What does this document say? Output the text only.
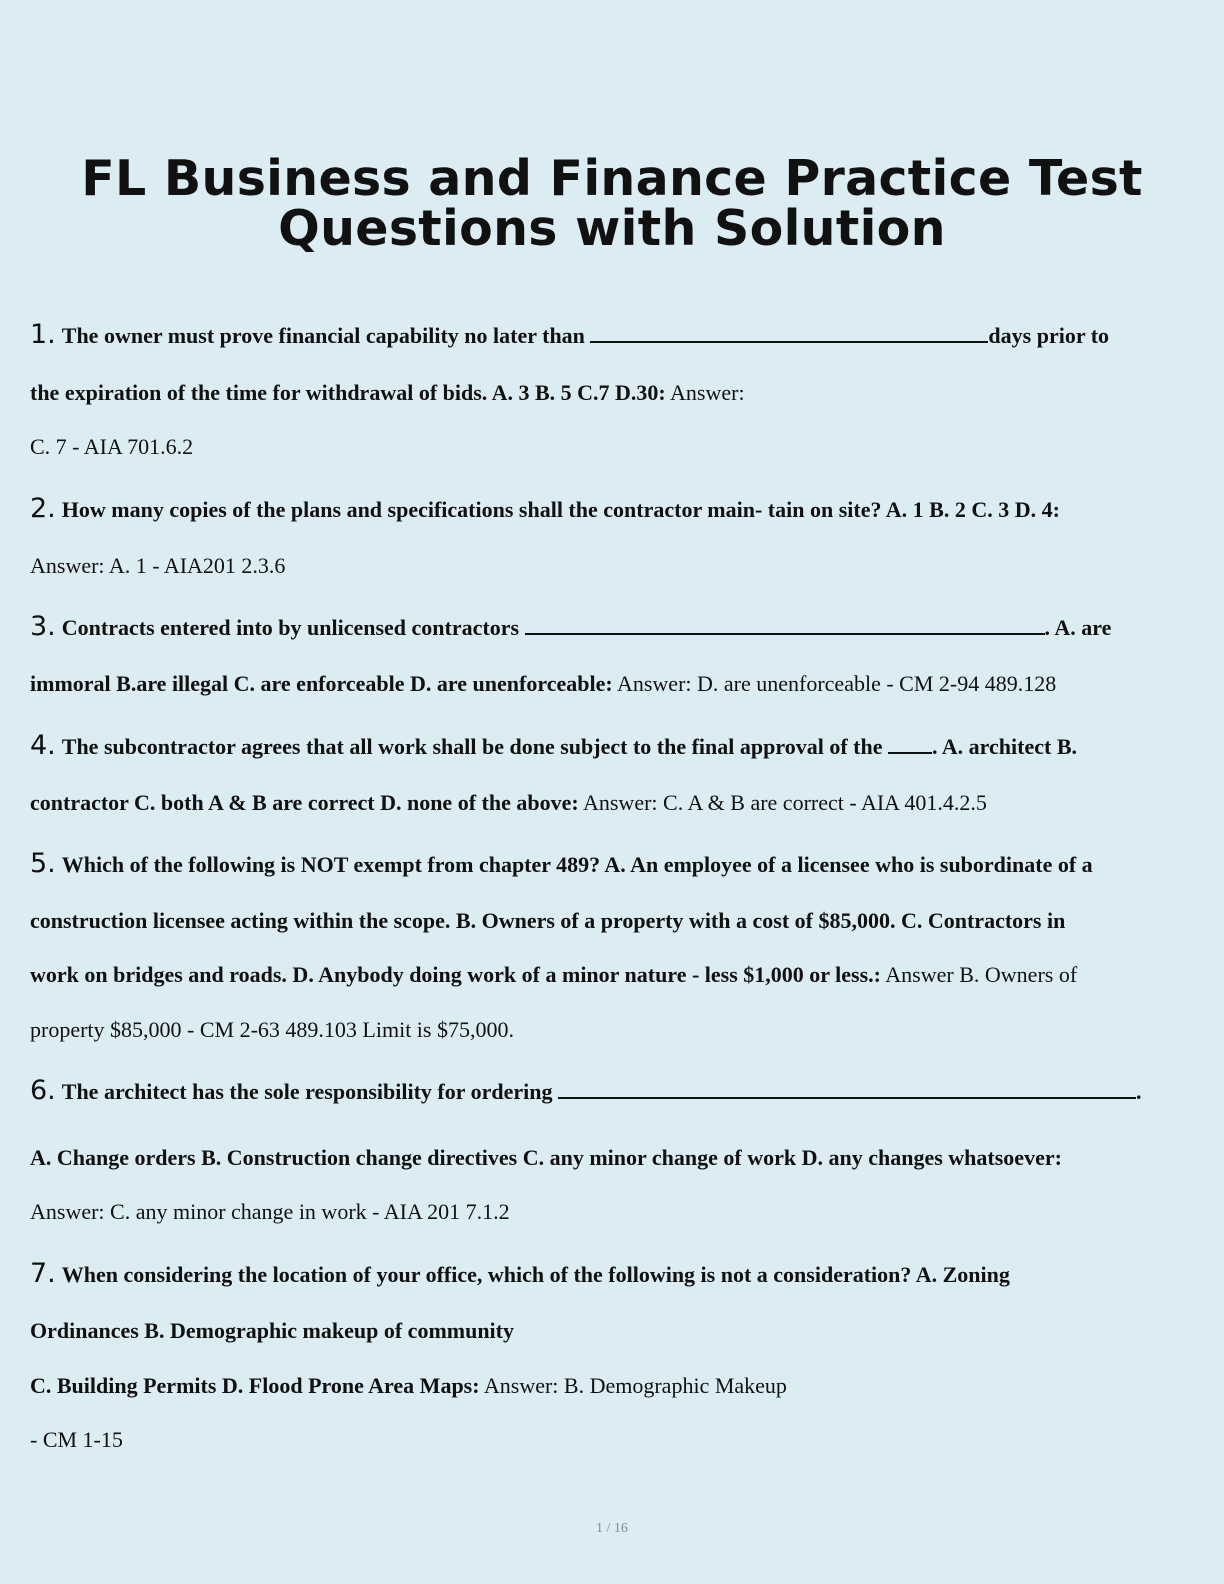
FL Business and Finance Practice Test
Questions with Solution
1. The owner must prove financial capability no later than	days prior to
the expiration of the time for withdrawal of bids. A. 3 B. 5 C.7 D.30: Answer:
C. 7 - AIA 701.6.2
2. How many copies of the plans and specifications shall the contractor main- tain on site? A. 1 B. 2 C. 3 D. 4:
Answer: A. 1 - AIA201 2.3.6
3. Contracts entered into by unlicensed contractors	. A. are
immoral B.are illegal C. are enforceable D. are unenforceable: Answer: D. are unenforceable - CM 2-94 489.128
4. The subcontractor agrees that all work shall be done subject to the final approval of the . A. architect B.
contractor C. both A & B are correct D. none of the above: Answer: C. A & B are correct - AIA 401.4.2.5
5. Which of the following is NOT exempt from chapter 489? A. An employee of a licensee who is subordinate of a
construction licensee acting within the scope. B. Owners of a property with a cost of $85,000. C. Contractors in
work on bridges and roads. D. Anybody doing work of a minor nature - less $1,000 or less.: Answer B. Owners of
property $85,000 - CM 2-63 489.103 Limit is $75,000.
6. The architect has the sole responsibility for ordering	.
A. Change orders B. Construction change directives C. any minor change of work D. any changes whatsoever:
Answer: C. any minor change in work - AIA 201 7.1.2
7. When considering the location of your office, which of the following is not a consideration? A. Zoning
Ordinances B. Demographic makeup of community
C. Building Permits D. Flood Prone Area Maps: Answer: B. Demographic Makeup
- CM 1-15
1 / 16
